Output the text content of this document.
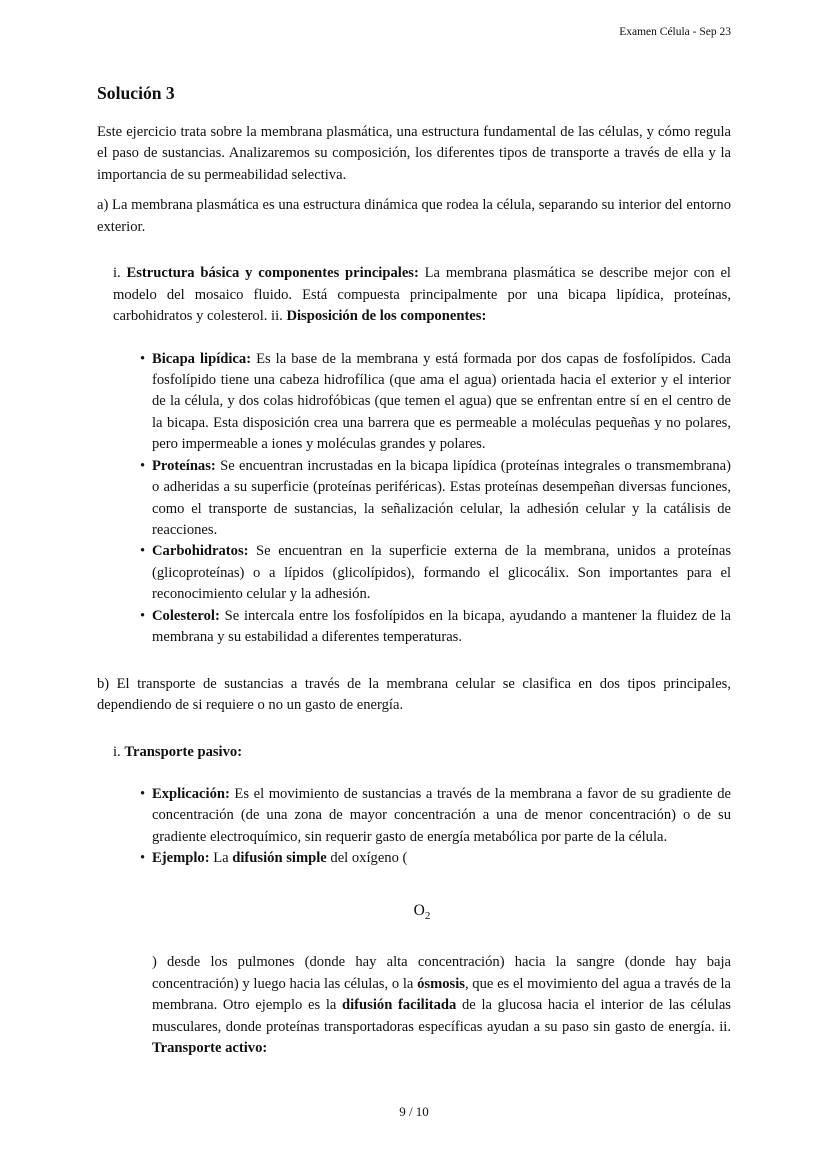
Examen Célula - Sep 23
Solución 3

Este ejercicio trata sobre la membrana plasmática, una estructura fundamental de las células, y cómo regula el paso de sustancias. Analizaremos su composición, los diferentes tipos de transporte a través de ella y la importancia de su permeabilidad selectiva.

a) La membrana plasmática es una estructura dinámica que rodea la célula, separando su interior del entorno exterior.

i. Estructura básica y componentes principales: La membrana plasmática se describe mejor con el modelo del mosaico fluido. Está compuesta principalmente por una bicapa lipídica, proteínas, carbohidratos y colesterol. ii. Disposición de los componentes:

• Bicapa lipídica: Es la base de la membrana y está formada por dos capas de fosfolípidos. Cada fosfolípido tiene una cabeza hidrofílica (que ama el agua) orientada hacia el exterior y el interior de la célula, y dos colas hidrofóbicas (que temen el agua) que se enfrentan entre sí en el centro de la bicapa. Esta disposición crea una barrera que es permeable a moléculas pequeñas y no polares, pero impermeable a iones y moléculas grandes y polares.
• Proteínas: Se encuentran incrustadas en la bicapa lipídica (proteínas integrales o transmembrana) o adheridas a su superficie (proteínas periféricas). Estas proteínas desempeñan diversas funciones, como el transporte de sustancias, la señalización celular, la adhesión celular y la catálisis de reacciones.
• Carbohidratos: Se encuentran en la superficie externa de la membrana, unidos a proteínas (glicoproteínas) o a lípidos (glicolípidos), formando el glicocálix. Son importantes para el reconocimiento celular y la adhesión.
• Colesterol: Se intercala entre los fosfolípidos en la bicapa, ayudando a mantener la fluidez de la membrana y su estabilidad a diferentes temperaturas.

b) El transporte de sustancias a través de la membrana celular se clasifica en dos tipos principales, dependiendo de si requiere o no un gasto de energía.

i. Transporte pasivo:

• Explicación: Es el movimiento de sustancias a través de la membrana a favor de su gradiente de concentración (de una zona de mayor concentración a una de menor concentración) o de su gradiente electroquímico, sin requerir gasto de energía metabólica por parte de la célula.
• Ejemplo: La difusión simple del oxígeno (
$O_2$

) desde los pulmones (donde hay alta concentración) hacia la sangre (donde hay baja concentración) y luego hacia las células, o la ósmosis, que es el movimiento del agua a través de la membrana. Otro ejemplo es la difusión facilitada de la glucosa hacia el interior de las células musculares, donde proteínas transportadoras específicas ayudan a su paso sin gasto de energía. ii. Transporte activo:

9 / 10
